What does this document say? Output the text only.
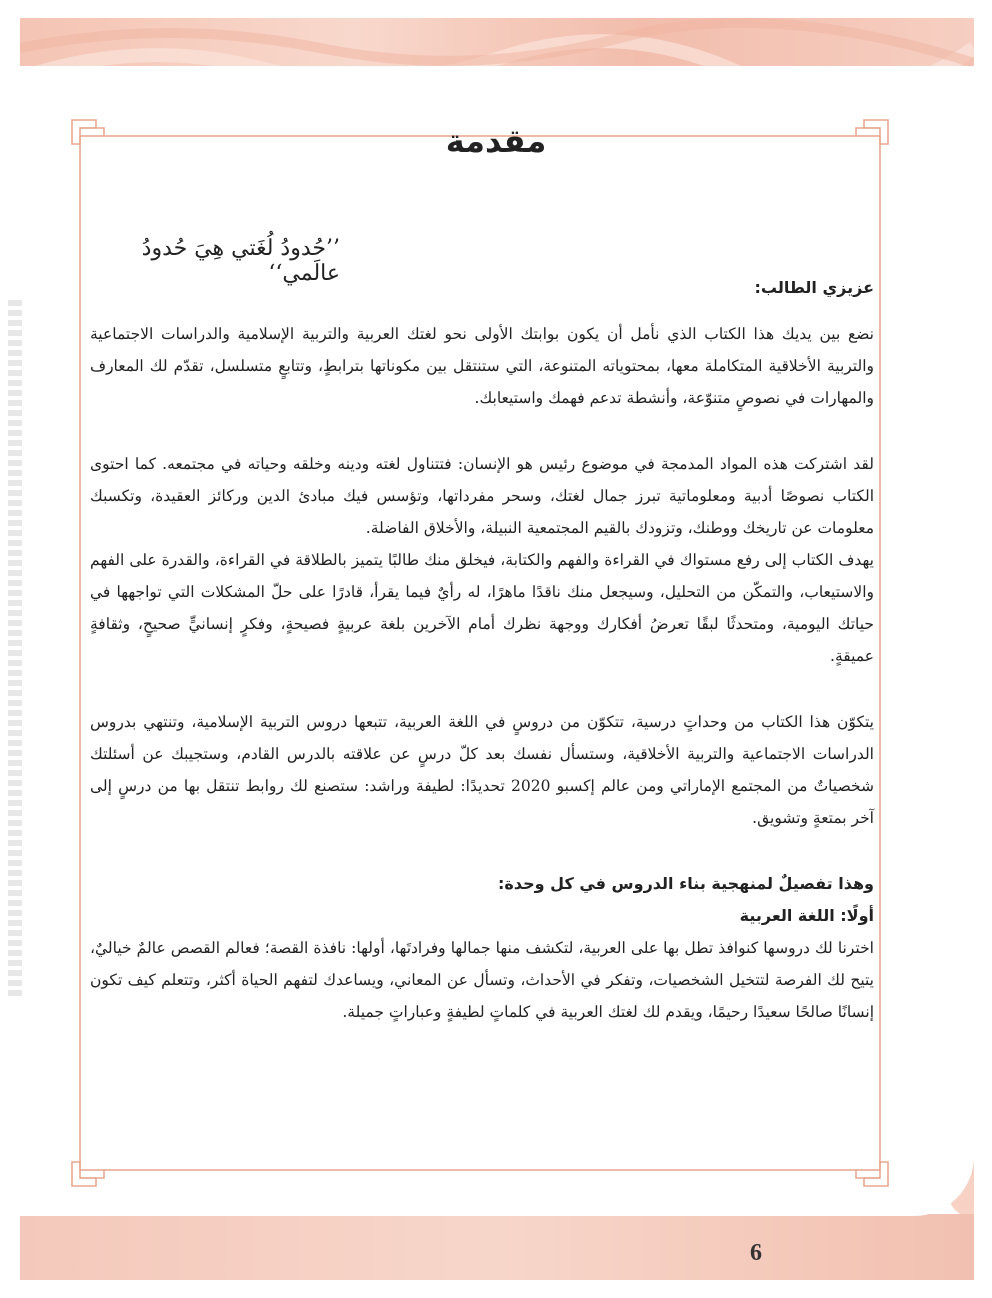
مقدمة
’’حُدودُ لُغَتي هِيَ حُدودُ عالَمي‘‘

عزيزي الطالب:

نضع بين يديك هذا الكتاب الذي نأمل أن يكون بوابتك الأولى نحو لغتك العربية والتربية الإسلامية والدراسات الاجتماعية والتربية الأخلاقية المتكاملة معها، بمحتوياته المتنوعة، التي ستنتقل بين مكوناتها بترابطٍ، وتتابعٍ متسلسل، تقدّم لك المعارف والمهارات في نصوصٍ متنوّعة، وأنشطة تدعم فهمك واستيعابك.

لقد اشتركت هذه المواد المدمجة في موضوع رئيس هو الإنسان: فتتناول لغته ودينه وخلقه وحياته في مجتمعه. كما احتوى الكتاب نصوصًا أدبية ومعلوماتية تبرز جمال لغتك، وسحر مفرداتها، وتؤسس فيك مبادئ الدين وركائز العقيدة، وتكسبك معلومات عن تاريخك ووطنك، وتزودك بالقيم المجتمعية النبيلة، والأخلاق الفاضلة.

يهدف الكتاب إلى رفع مستواك في القراءة والفهم والكتابة، فيخلق منك طالبًا يتميز بالطلاقة في القراءة، والقدرة على الفهم والاستيعاب، والتمكّن من التحليل، وسيجعل منك ناقدًا ماهرًا، له رأيٌ فيما يقرأ، قادرًا على حلّ المشكلات التي تواجهها في حياتك اليومية، ومتحدثًا لبقًا تعرضُ أفكارك ووجهة نظرك أمام الآخرين بلغة عربيةٍ فصيحةٍ، وفكرٍ إنسانيٍّ صحيحٍ، وثقافةٍ عميقةٍ.

يتكوّن هذا الكتاب من وحداتٍ درسية، تتكوّن من دروسٍ في اللغة العربية، تتبعها دروس التربية الإسلامية، وتنتهي بدروس الدراسات الاجتماعية والتربية الأخلاقية، وستسأل نفسك بعد كلّ درسٍ عن علاقته بالدرس القادم، وستجيبك عن أسئلتك شخصياتٌ من المجتمع الإماراتي ومن عالم إكسبو 2020 تحديدًا: لطيفة وراشد: ستصنع لك روابط تنتقل بها من درسٍ إلى آخر بمتعةٍ وتشويق.

وهذا تفصيلٌ لمنهجية بناء الدروس في كل وحدة:

أولًا: اللغة العربية

اخترنا لك دروسها كنوافذ تطل بها على العربية، لتكشف منها جمالها وفرادتَها، أولها: نافذة القصة؛ فعالم القصص عالمٌ خياليٌ، يتيح لك الفرصة لتتخيل الشخصيات، وتفكر في الأحداث، وتسأل عن المعاني، ويساعدك لتفهم الحياة أكثر، وتتعلم كيف تكون إنسانًا صالحًا سعيدًا رحيمًا، ويقدم لك لغتك العربية في كلماتٍ لطيفةٍ وعباراتٍ جميلة.

6
